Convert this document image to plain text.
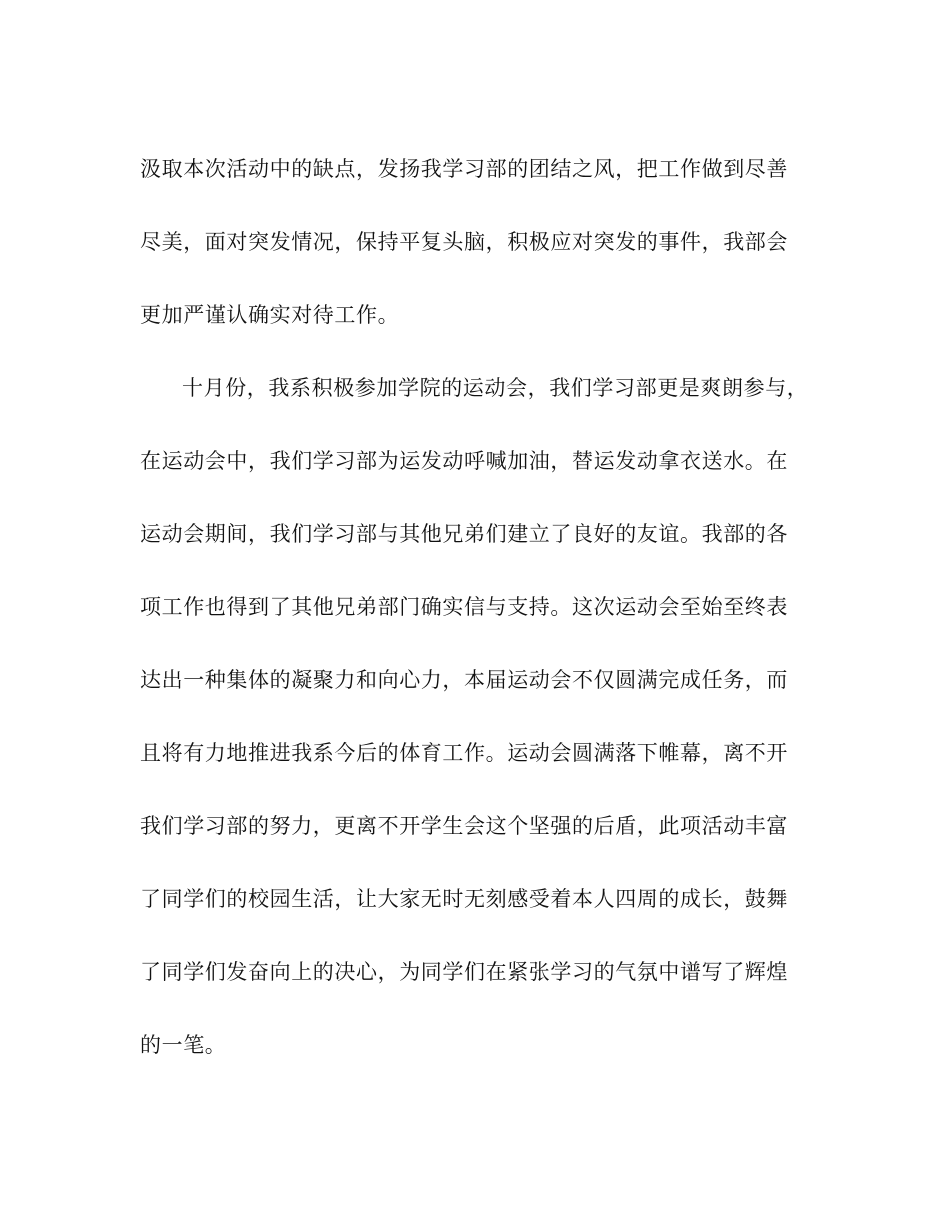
汲取本次活动中的缺点，发扬我学习部的团结之风，把工作做到尽善
尽美，面对突发情况，保持平复头脑，积极应对突发的事件，我部会
更加严谨认确实对待工作。
十月份，我系积极参加学院的运动会，我们学习部更是爽朗参与，
在运动会中，我们学习部为运发动呼喊加油，替运发动拿衣送水。在
运动会期间，我们学习部与其他兄弟们建立了良好的友谊。我部的各
项工作也得到了其他兄弟部门确实信与支持。这次运动会至始至终表
达出一种集体的凝聚力和向心力，本届运动会不仅圆满完成任务，而
且将有力地推进我系今后的体育工作。运动会圆满落下帷幕，离不开
我们学习部的努力，更离不开学生会这个坚强的后盾，此项活动丰富
了同学们的校园生活，让大家无时无刻感受着本人四周的成长，鼓舞
了同学们发奋向上的决心，为同学们在紧张学习的气氛中谱写了辉煌
的一笔。
